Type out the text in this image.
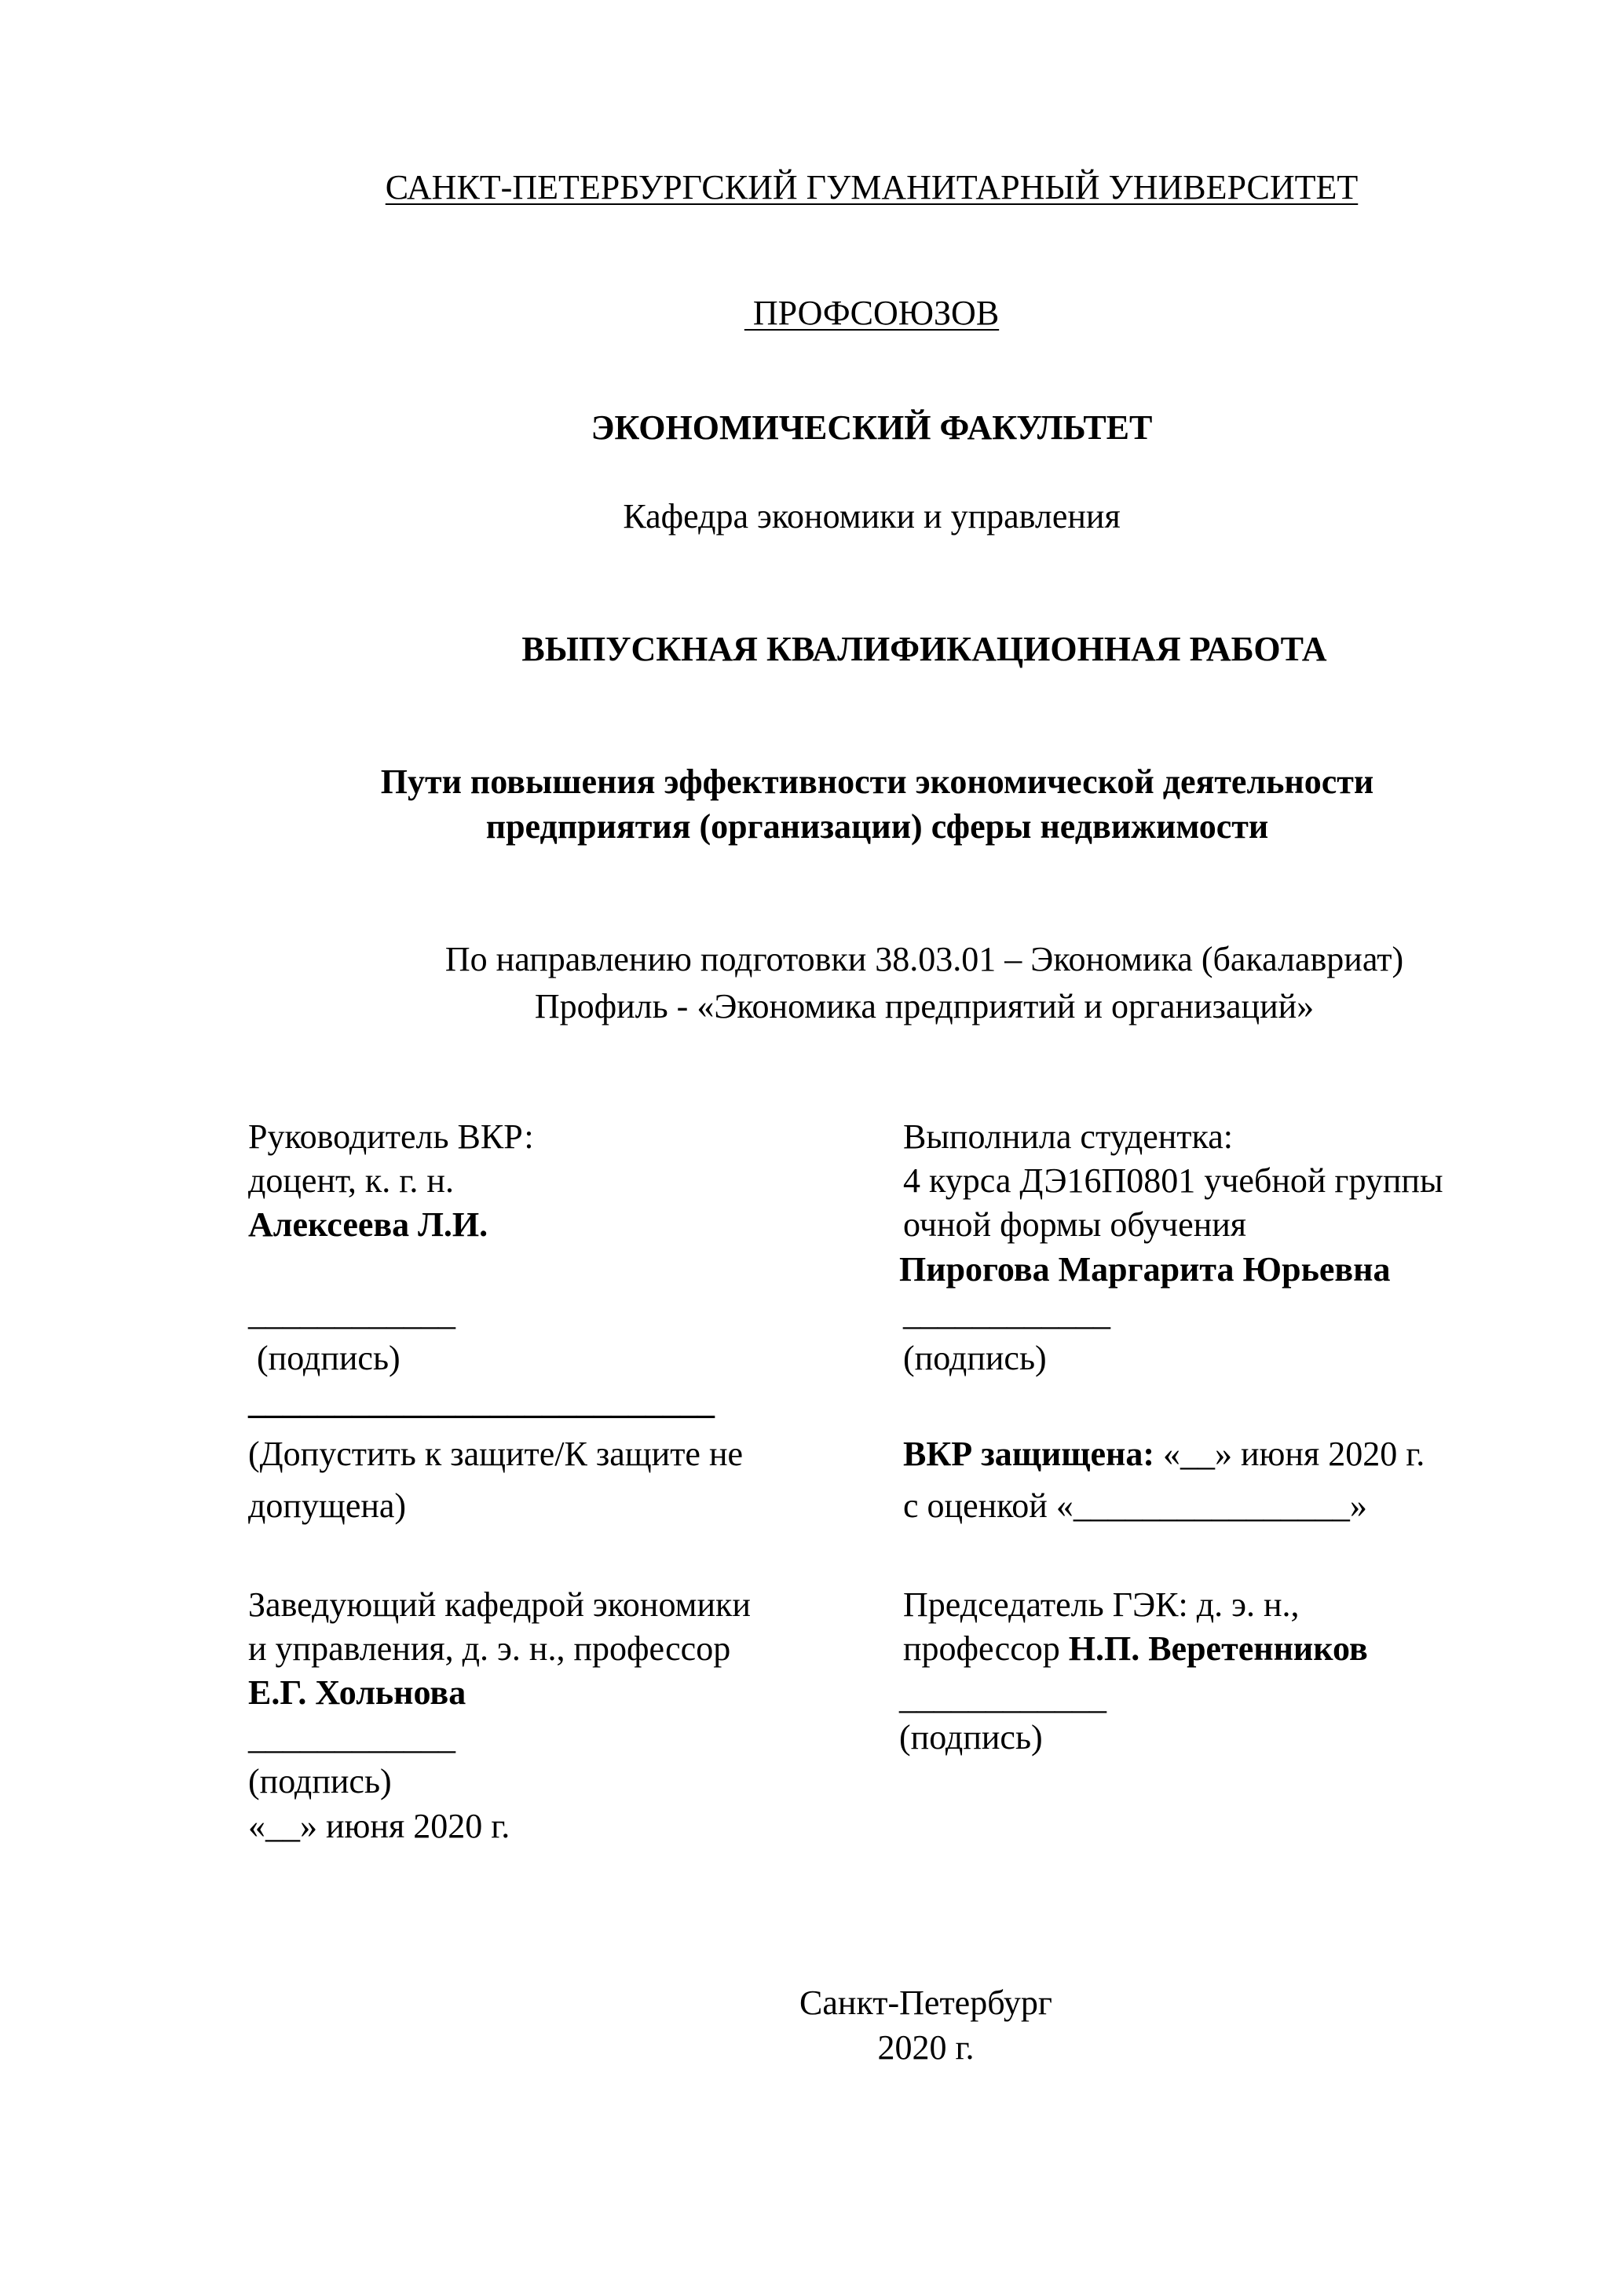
САНКТ-ПЕТЕРБУРГСКИЙ ГУМАНИТАРНЫЙ УНИВЕРСИТЕТ
ПРОФСОЮЗОВ
ЭКОНОМИЧЕСКИЙ ФАКУЛЬТЕТ
Кафедра экономики и управления
ВЫПУСКНАЯ КВАЛИФИКАЦИОННАЯ РАБОТА
Пути повышения эффективности экономической деятельности
предприятия (организации) сферы недвижимости
По направлению подготовки 38.03.01 – Экономика (бакалавриат)
Профиль - «Экономика предприятий и организаций»
Руководитель ВКР:
доцент, к. г. н.
Алексеева Л.И.
____________
(подпись)
___________________________
(Допустить к защите/К защите не
допущена)
Заведующий кафедрой экономики
и управления, д. э. н., профессор
Е.Г. Хольнова
____________
(подпись)
«__» июня 2020 г.
Выполнила студентка:
4 курса ДЭ16П0801 учебной группы
очной формы обучения
Пирогова Маргарита Юрьевна
____________
(подпись)
ВКР защищена: «__» июня 2020 г.
с оценкой «________________»
Председатель ГЭК: д. э. н.,
профессор Н.П. Веретенников
____________
(подпись)
Санкт-Петербург
2020 г.
